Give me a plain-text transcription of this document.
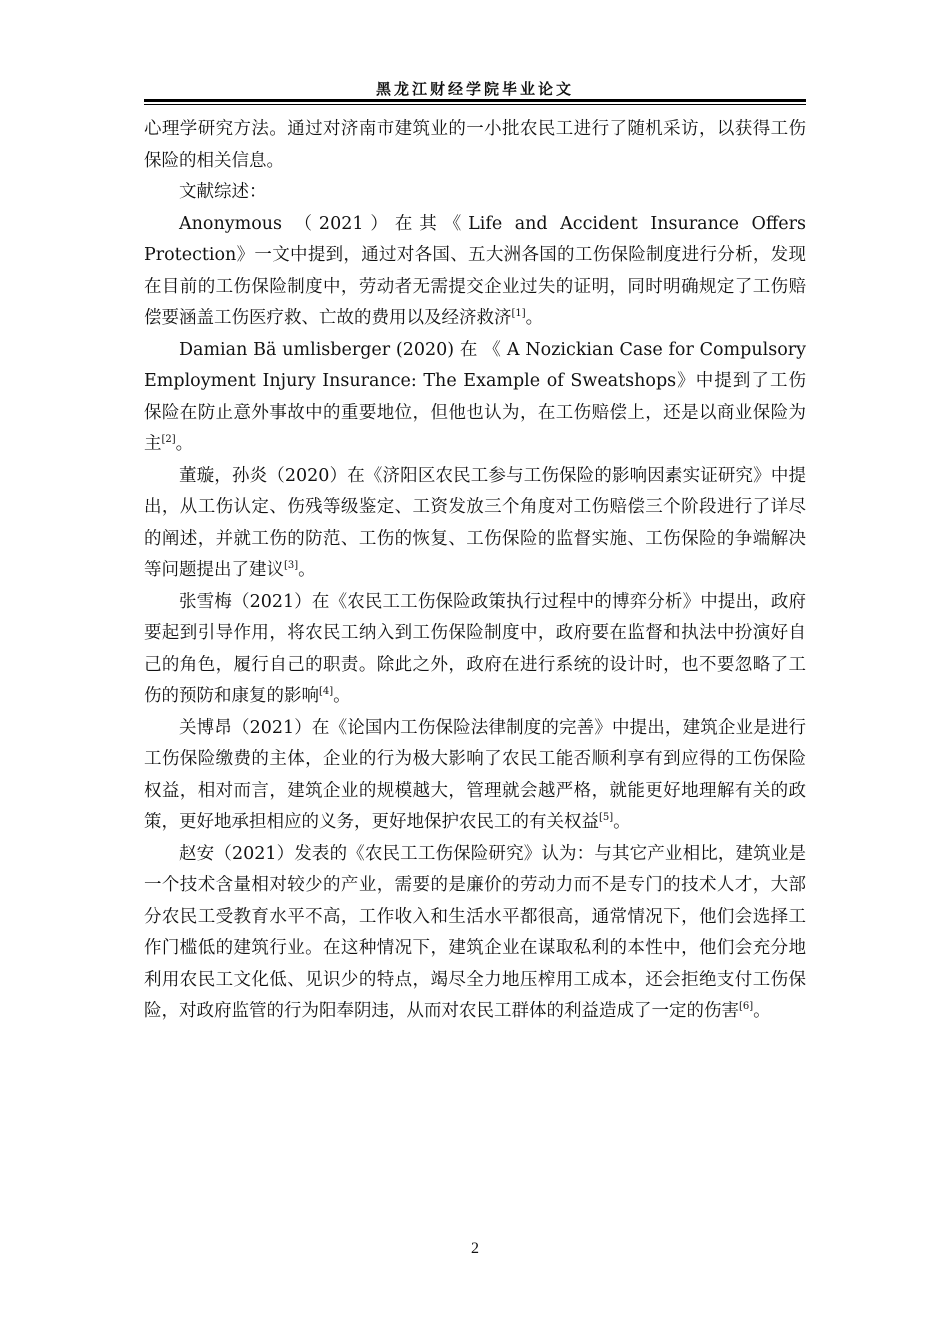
黑龙江财经学院毕业论文

心理学研究方法。通过对济南市建筑业的一小批农民工进行了随机采访，以获得工伤保险的相关信息。

文献综述：

Anonymous （2021）在其《Life and Accident Insurance Offers Protection》一文中提到，通过对各国、五大洲各国的工伤保险制度进行分析，发现在目前的工伤保险制度中，劳动者无需提交企业过失的证明，同时明确规定了工伤赔偿要涵盖工伤医疗救、亡故的费用以及经济救济[1]。

Damian Bä umlisberger (2020) 在 《 A Nozickian Case for Compulsory Employment Injury Insurance: The Example of Sweatshops》中提到了工伤保险在防止意外事故中的重要地位，但他也认为，在工伤赔偿上，还是以商业保险为主[2]。

董璇，孙炎（2020）在《济阳区农民工参与工伤保险的影响因素实证研究》中提出，从工伤认定、伤残等级鉴定、工资发放三个角度对工伤赔偿三个阶段进行了详尽的阐述，并就工伤的防范、工伤的恢复、工伤保险的监督实施、工伤保险的争端解决等问题提出了建议[3]。

张雪梅（2021）在《农民工工伤保险政策执行过程中的博弈分析》中提出，政府要起到引导作用，将农民工纳入到工伤保险制度中，政府要在监督和执法中扮演好自己的角色，履行自己的职责。除此之外，政府在进行系统的设计时，也不要忽略了工伤的预防和康复的影响[4]。

关博昂（2021）在《论国内工伤保险法律制度的完善》中提出，建筑企业是进行工伤保险缴费的主体，企业的行为极大影响了农民工能否顺利享有到应得的工伤保险权益，相对而言，建筑企业的规模越大，管理就会越严格，就能更好地理解有关的政策，更好地承担相应的义务，更好地保护农民工的有关权益[5]。

赵安（2021）发表的《农民工工伤保险研究》认为：与其它产业相比，建筑业是一个技术含量相对较少的产业，需要的是廉价的劳动力而不是专门的技术人才，大部分农民工受教育水平不高，工作收入和生活水平都很高，通常情况下，他们会选择工作门槛低的建筑行业。在这种情况下，建筑企业在谋取私利的本性中，他们会充分地利用农民工文化低、见识少的特点，竭尽全力地压榨用工成本，还会拒绝支付工伤保险，对政府监管的行为阳奉阴违，从而对农民工群体的利益造成了一定的伤害[6]。

2
